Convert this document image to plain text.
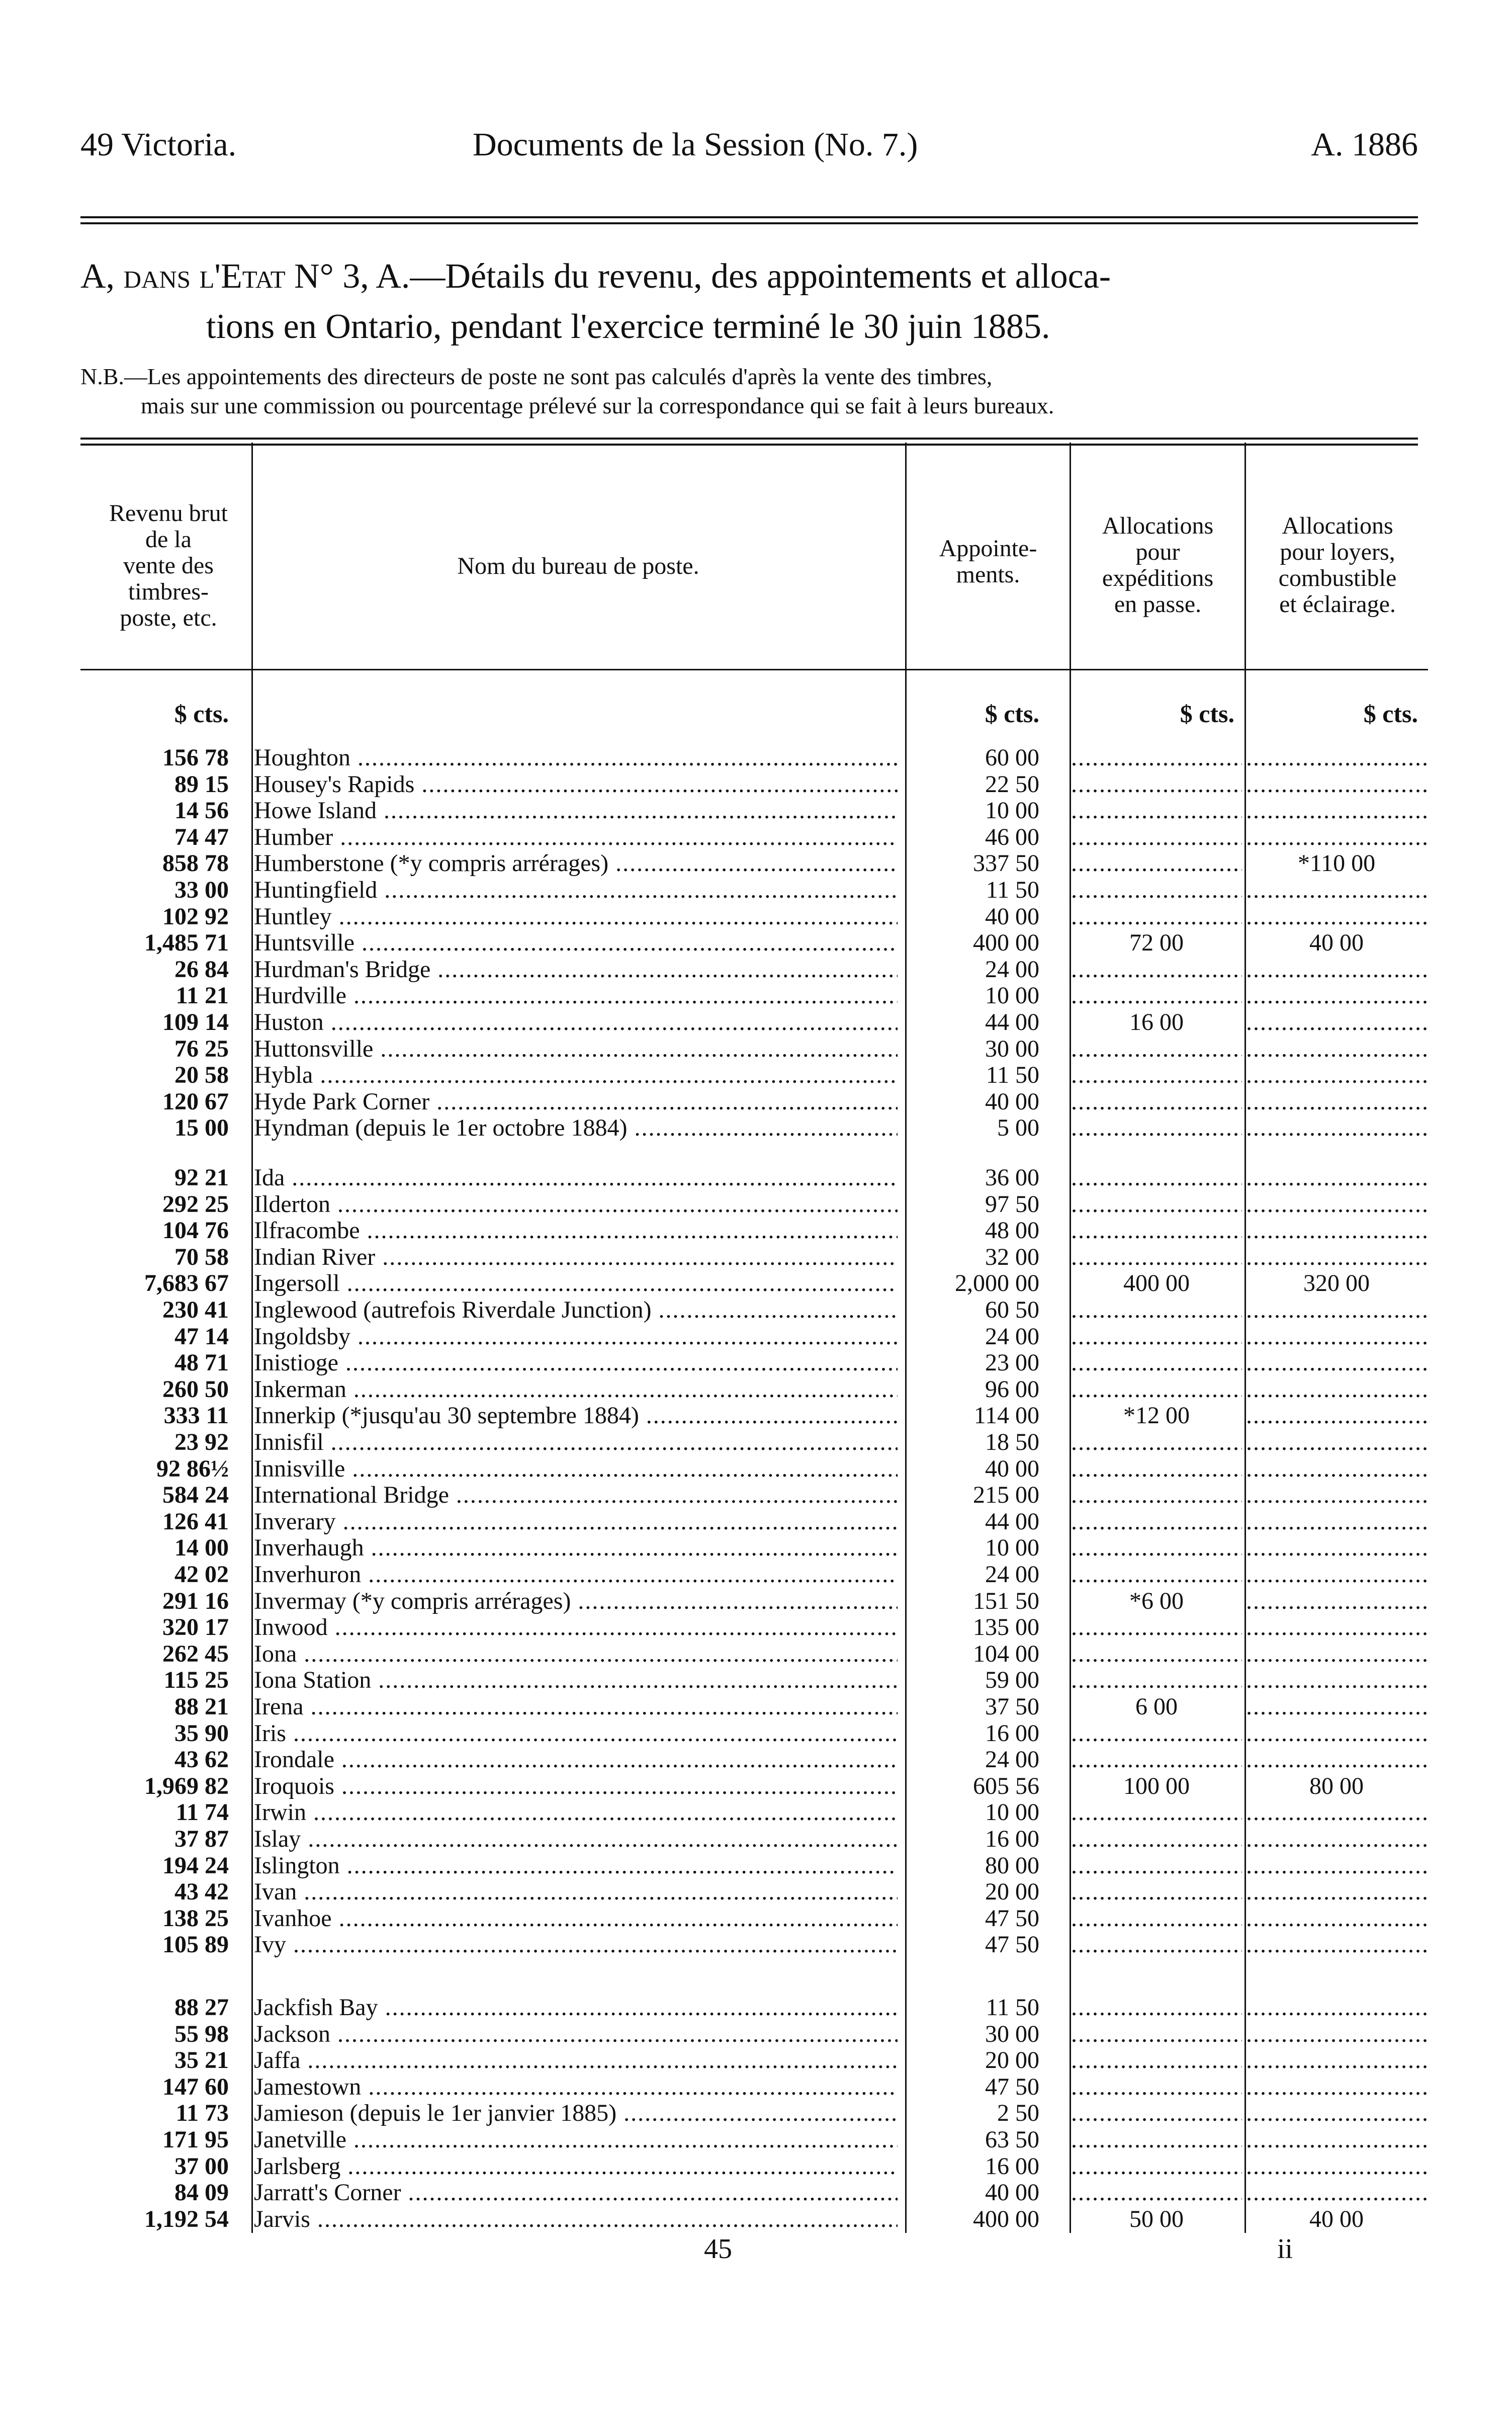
49 Victoria.	Documents de la Session (No. 7.)	A. 1886
A, dans l'Etat N° 3, A.—Détails du revenu, des appointements et alloca-
tions en Ontario, pendant l'exercice terminé le 30 juin 1885.
N.B.—Les appointements des directeurs de poste ne sont pas calculés d'après la vente des timbres,
mais sur une commission ou pourcentage prélevé sur la correspondance qui se fait à leurs bureaux.
Revenu brut
de la
vente des
timbres-
poste, etc.
Nom du bureau de poste.
Appointe-
ments.
Allocations
pour
expéditions
en passe.
Allocations
pour loyers,
combustible
et éclairage.
$ cts.	$ cts.	$ cts.	$ cts.
156 78 Houghton .....	60 00
.....
.....
89 15 Housey's Rapids .....	22 50
.....
.....
14 56 Howe Island .....	10 00
.....
.....
74 47 Humber .....	46 00
.....
.....
858 78 Humberstone (*y compris arrérages) .....	337 50
.....	*110 00
33 00 Huntingfield .....	11 50
.....
.....
102 92 Huntley .....	40 00
.....
.....
1,485 71 Huntsville .....	400 00	72 00	40 00
26 84 Hurdman's Bridge .....	24 00
.....
.....
11 21 Hurdville .....	10 00
.....
.....
109 14 Huston .....	44 00	16 00
.....
76 25 Huttonsville .....	30 00
.....
.....
20 58 Hybla .....	11 50
.....
.....
120 67 Hyde Park Corner .....	40 00
.....
.....
15 00 Hyndman (depuis le 1er octobre 1884) .....	5 00
.....
.....
92 21 Ida .....	36 00
.....
.....
292 25 Ilderton .....	97 50
.....
.....
104 76 Ilfracombe .....	48 00
.....
.....
70 58 Indian River .....	32 00
.....
.....
7,683 67 Ingersoll .....	2,000 00	400 00	320 00
230 41 Inglewood (autrefois Riverdale Junction) .....	60 50
.....
.....
47 14 Ingoldsby .....	24 00
.....
.....
48 71 Inistioge .....	23 00
.....
.....
260 50 Inkerman .....	96 00
.....
.....
333 11 Innerkip (*jusqu'au 30 septembre 1884) .....	114 00	*12 00
.....
23 92 Innisfil .....	18 50
.....
.....
92 86½ Innisville .....	40 00
.....
.....
584 24 International Bridge .....	215 00
.....
.....
126 41 Inverary .....	44 00
.....
.....
14 00 Inverhaugh .....	10 00
.....
.....
42 02 Inverhuron .....	24 00
.....
.....
291 16 Invermay (*y compris arrérages) .....	151 50	*6 00
.....
320 17 Inwood .....	135 00
.....
.....
262 45 Iona .....	104 00
.....
.....
115 25 Iona Station .....	59 00
.....
.....
88 21 Irena .....	37 50	6 00
.....
35 90 Iris .....	16 00
.....
.....
43 62 Irondale .....	24 00
.....
.....
1,969 82 Iroquois .....	605 56	100 00	80 00
11 74 Irwin .....	10 00
.....
.....
37 87 Islay .....	16 00
.....
.....
194 24 Islington .....	80 00
.....
.....
43 42 Ivan .....	20 00
.....
.....
138 25 Ivanhoe .....	47 50
.....
.....
105 89 Ivy .....	47 50
.....
.....
88 27 Jackfish Bay .....	11 50
.....
.....
55 98 Jackson .....	30 00
.....
.....
35 21 Jaffa .....	20 00
.....
.....
147 60 Jamestown .....	47 50
.....
.....
11 73 Jamieson (depuis le 1er janvier 1885) .....	2 50
.....
.....
171 95 Janetville .....	63 50
.....
.....
37 00 Jarlsberg .....	16 00
.....
.....
84 09 Jarratt's Corner .....	40 00
.....
.....
1,192 54 Jarvis .....	400 00	50 00	40 00
45	ii
